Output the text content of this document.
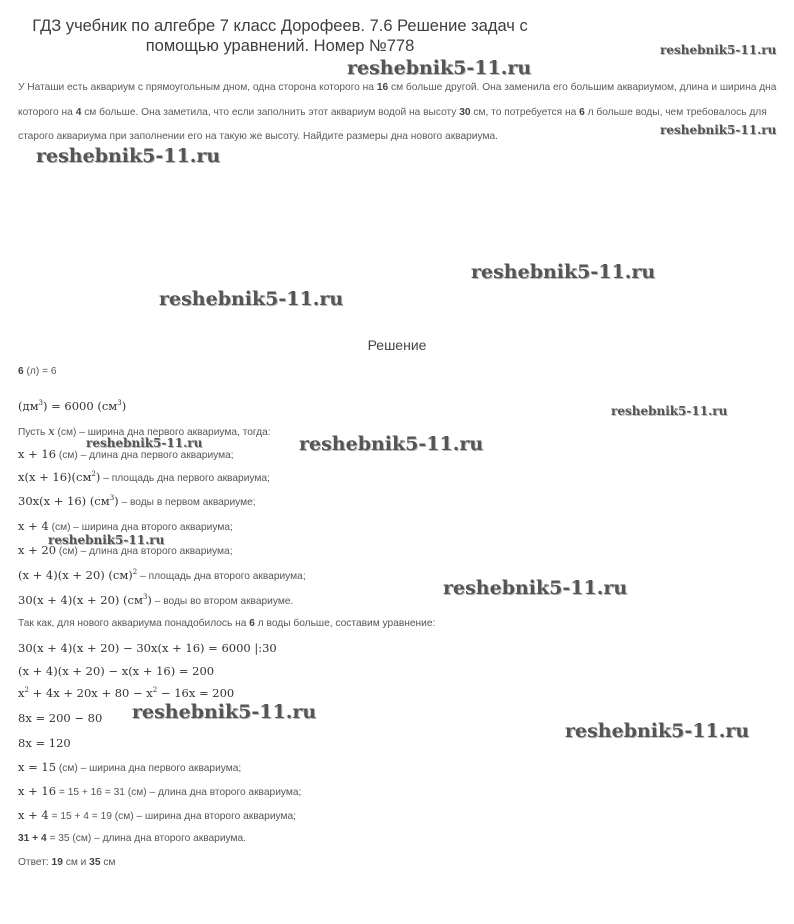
ГДЗ учебник по алгебре 7 класс Дорофеев. 7.6 Решение задач с помощью уравнений. Номер №778
У Наташи есть аквариум с прямоугольным дном, одна сторона которого на 16 см больше другой. Она заменила его большим аквариумом, длина и ширина дна которого на 4 см больше. Она заметила, что если заполнить этот аквариум водой на высоту 30 см, то потребуется на 6 л больше воды, чем требовалось для старого аквариума при заполнении его на такую же высоту. Найдите размеры дна нового аквариума.
Решение
6 (л) = 6
$(дм^3) = 6000$ $(см^3)$
Пусть x (см) – ширина дна первого аквариума, тогда:
x + 16 (см) – длина дна первого аквариума;
$x(x + 16)(см^2)$ – площадь дна первого аквариума;
30x(x + 16) $(см^3)$ – воды в первом аквариуме;
x + 4 (см) – ширина дна второго аквариума;
x + 20 (см) – длина дна второго аквариума;
(x + 4)(x + 20) (см)$^2$ – площадь дна второго аквариума;
30(x + 4)(x + 20) $(см^3)$ – воды во втором аквариуме.
Так как, для нового аквариума понадобилось на 6 л воды больше, составим уравнение:
30(x + 4)(x + 20) − 30x(x + 16) = 6000 |:30
(x + 4)(x + 20) − x(x + 16) = 200
$x^2 + 4x + 20x + 80 - x^2 - 16x = 200$
8x = 200 − 80
8x = 120
x = 15 (см) – ширина дна первого аквариума;
x + 16 = 15 + 16 = 31 (см) – длина дна второго аквариума;
x + 4 = 15 + 4 = 19 (см) – ширина дна второго аквариума;
31 + 4 = 35 (см) – длина дна второго аквариума.
Ответ: 19 см и 35 см
reshebnik5-11.ru
reshebnik5-11.ru
reshebnik5-11.ru
reshebnik5-11.ru
reshebnik5-11.ru
reshebnik5-11.ru
reshebnik5-11.ru
reshebnik5-11.ru	reshebnik5-11.ru
reshebnik5-11.ru
reshebnik5-11.ru
reshebnik5-11.ru
reshebnik5-11.ru
